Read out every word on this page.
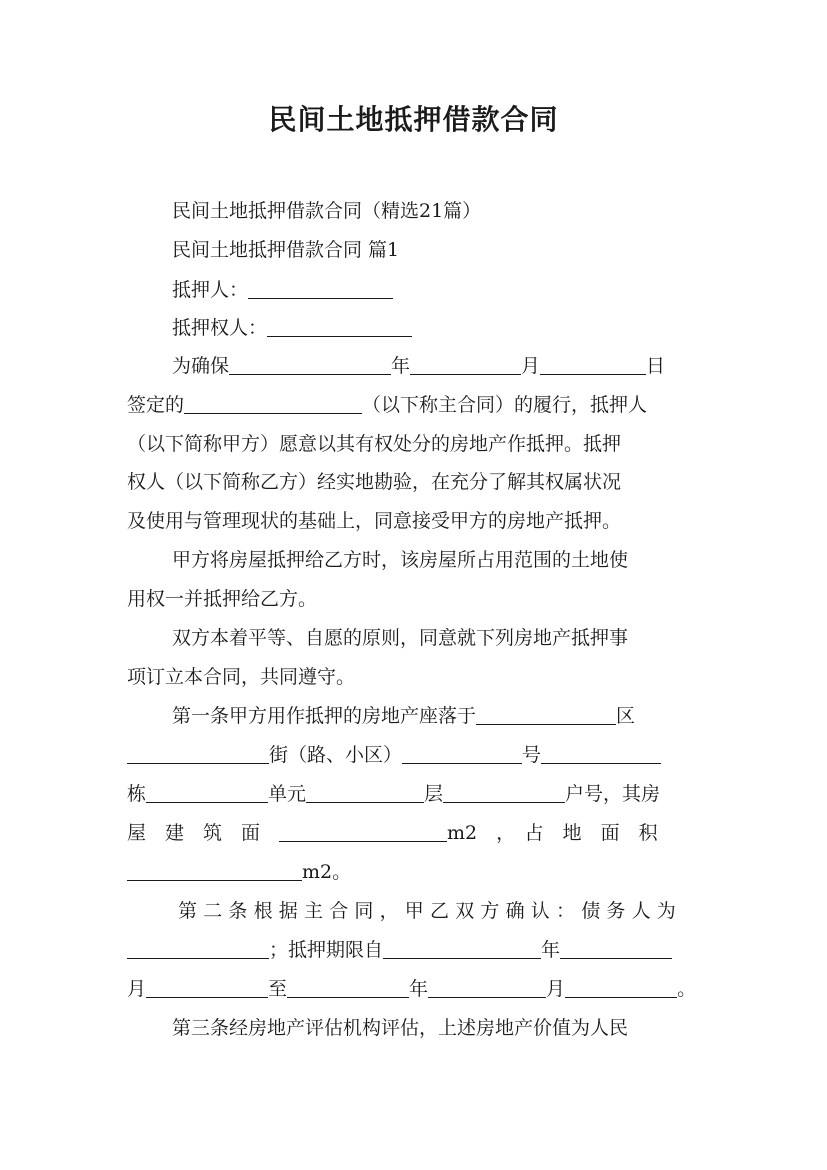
民间土地抵押借款合同
民间土地抵押借款合同（精选21篇）
民间土地抵押借款合同 篇1
抵押人：
抵押权人：
为确保	年	月	日
签定的	（以下称主合同）的履行，抵押人
（以下简称甲方）愿意以其有权处分的房地产作抵押。抵押
权人（以下简称乙方）经实地勘验，在充分了解其权属状况
及使用与管理现状的基础上，同意接受甲方的房地产抵押。
甲方将房屋抵押给乙方时，该房屋所占用范围的土地使
用权一并抵押给乙方。
双方本着平等、自愿的原则，同意就下列房地产抵押事
项订立本合同，共同遵守。
第一条甲方用作抵押的房地产座落于	区
街（路、小区）	号
栋	单元	层	户号，其房
屋　建　筑　面　	m2　，　占　地　面　积
m2。
第二条根据主合同，甲乙双方确认：债务人为
；抵押期限自	年
月	至	年	月	。
第三条经房地产评估机构评估，上述房地产价值为人民
